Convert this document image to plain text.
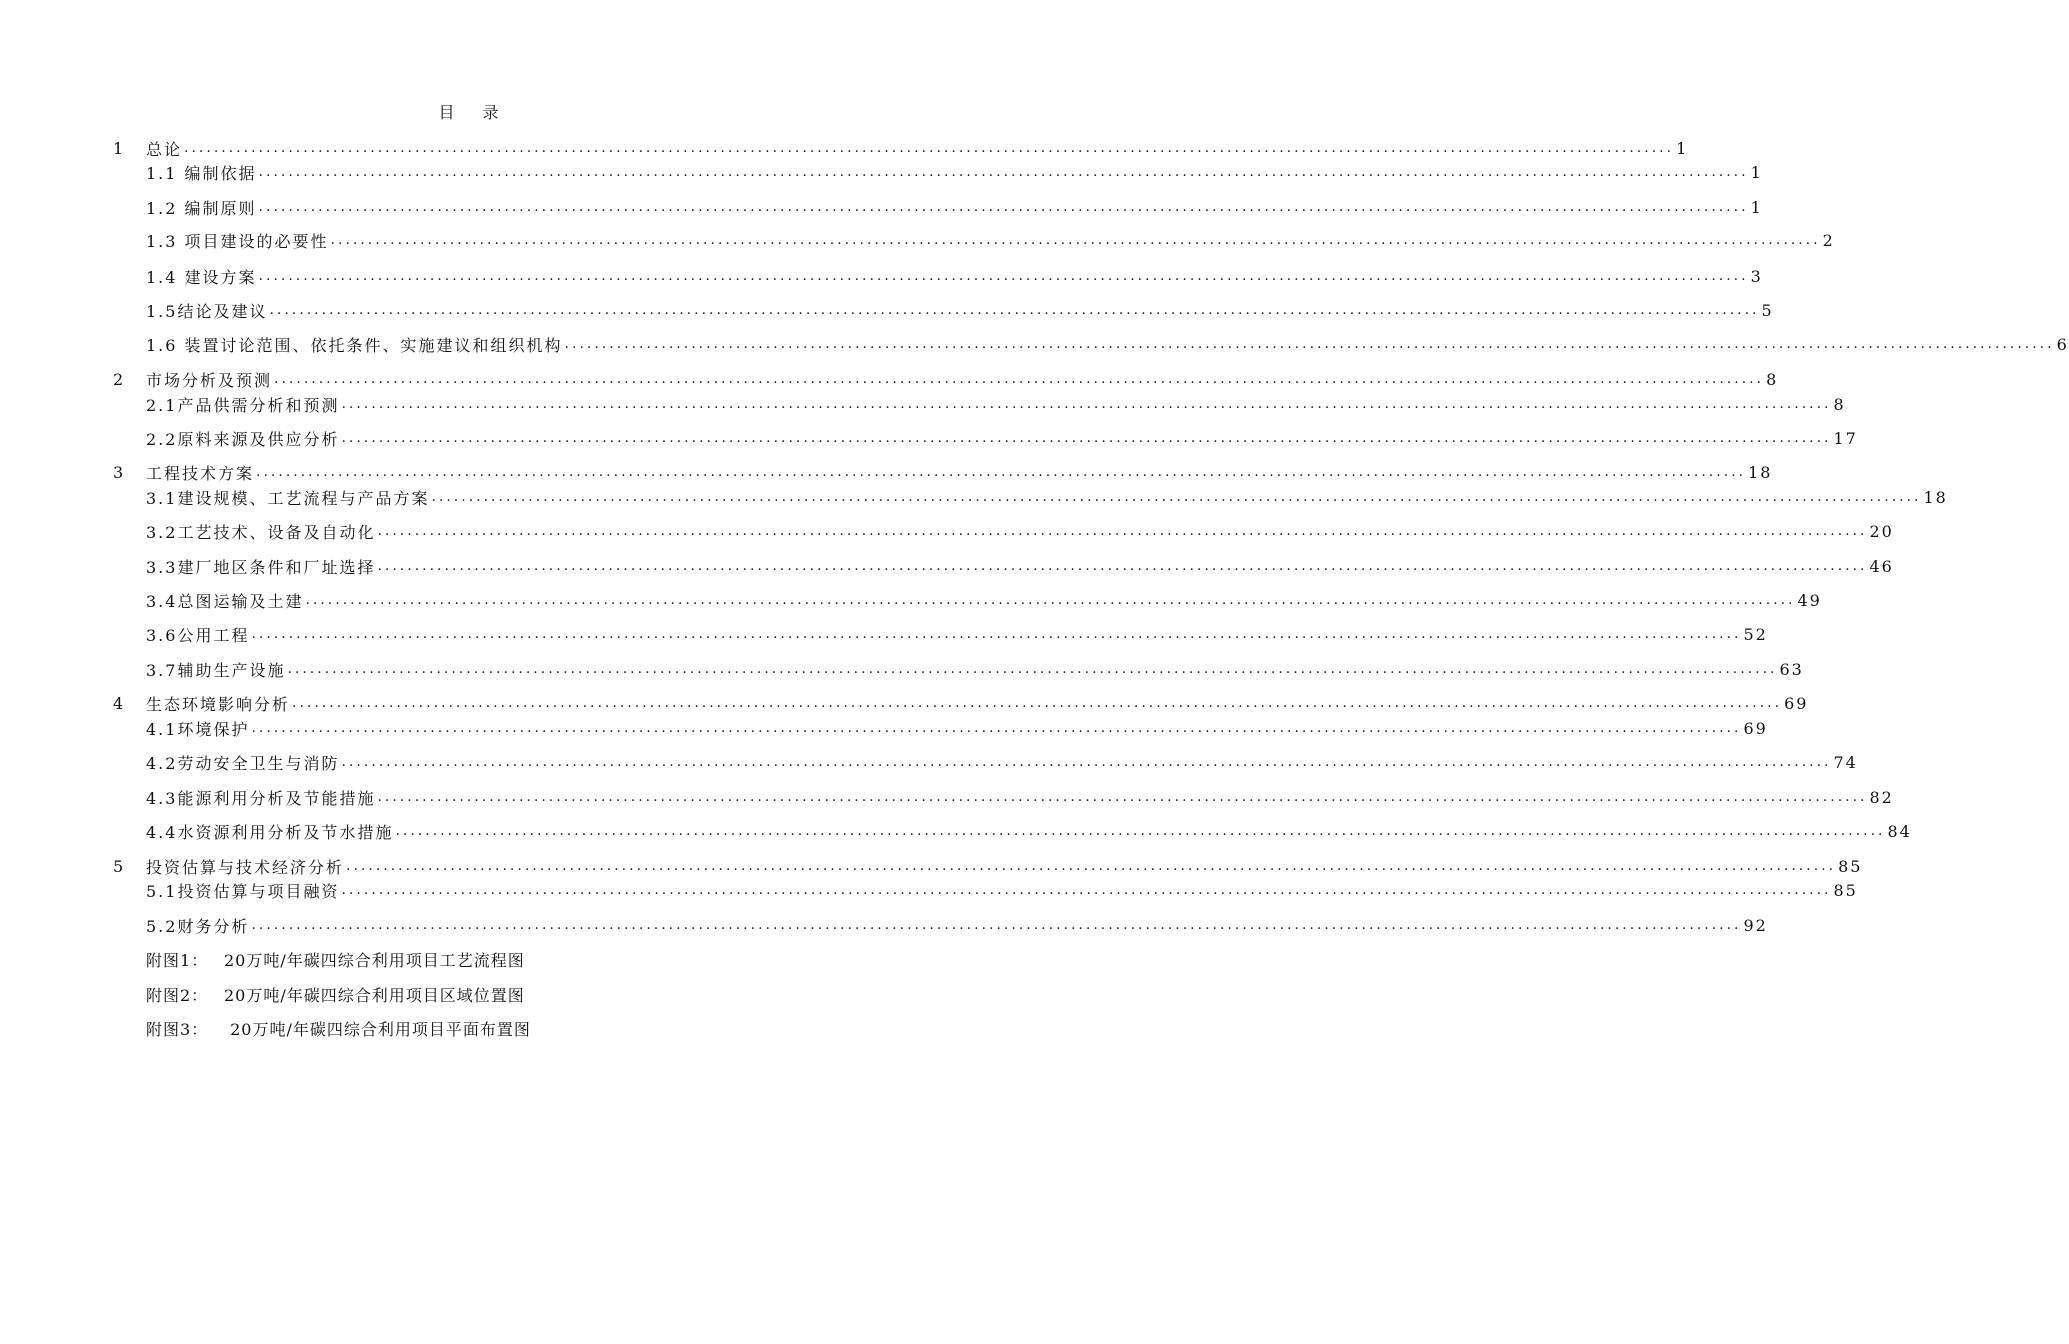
目录
1	总论 ........................................................................................................................................................................................................ 1
1.1 编制依据 ........................................................................................................................................................................................................ 1
1.2 编制原则 ........................................................................................................................................................................................................ 1
1.3 项目建设的必要性 ........................................................................................................................................................................................................ 2
1.4 建设方案 ........................................................................................................................................................................................................ 3
1.5结论及建议 ........................................................................................................................................................................................................ 5
1.6 装置讨论范围、依托条件、实施建议和组织机构 ........................................................................................................................................................................................................ 6
2	市场分析及预测 ........................................................................................................................................................................................................ 8
2.1产品供需分析和预测 ........................................................................................................................................................................................................ 8
2.2原料来源及供应分析 ........................................................................................................................................................................................................ 17
3	工程技术方案 ........................................................................................................................................................................................................ 18
3.1建设规模、工艺流程与产品方案 ........................................................................................................................................................................................................ 18
3.2工艺技术、设备及自动化 ........................................................................................................................................................................................................ 20
3.3建厂地区条件和厂址选择 ........................................................................................................................................................................................................ 46
3.4总图运输及土建 ........................................................................................................................................................................................................ 49
3.6公用工程 ........................................................................................................................................................................................................ 52
3.7辅助生产设施 ........................................................................................................................................................................................................ 63
4	生态环境影响分析 ........................................................................................................................................................................................................ 69
4.1环境保护 ........................................................................................................................................................................................................ 69
4.2劳动安全卫生与消防 ........................................................................................................................................................................................................ 74
4.3能源利用分析及节能措施 ........................................................................................................................................................................................................ 82
4.4水资源利用分析及节水措施 ........................................................................................................................................................................................................ 84
5	投资估算与技术经济分析 ........................................................................................................................................................................................................ 85
5.1投资估算与项目融资 ........................................................................................................................................................................................................ 85
5.2财务分析 ........................................................................................................................................................................................................ 92
附图1： 20万吨/年碳四综合利用项目工艺流程图
附图2： 20万吨/年碳四综合利用项目区域位置图
附图3： 20万吨/年碳四综合利用项目平面布置图
